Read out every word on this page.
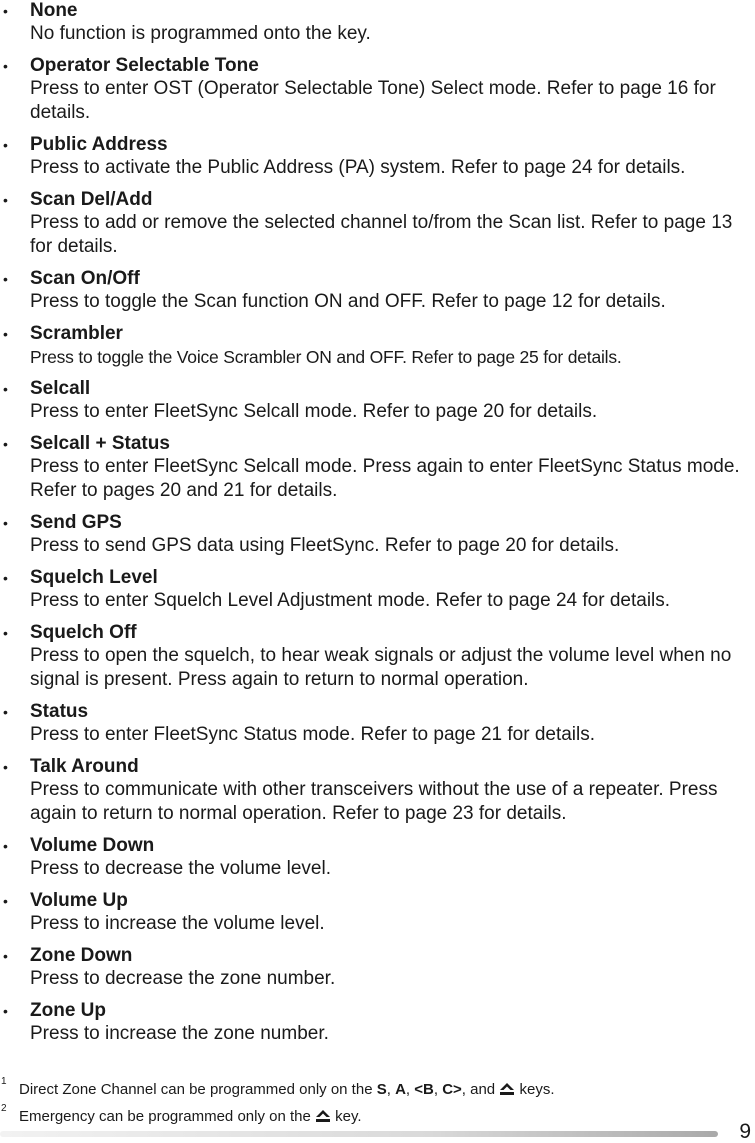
• None
No function is programmed onto the key.
• Operator Selectable Tone
Press to enter OST (Operator Selectable Tone) Select mode. Refer to page 16 for details.
• Public Address
Press to activate the Public Address (PA) system. Refer to page 24 for details.
• Scan Del/Add
Press to add or remove the selected channel to/from the Scan list. Refer to page 13 for details.
• Scan On/Off
Press to toggle the Scan function ON and OFF. Refer to page 12 for details.
• Scrambler
Press to toggle the Voice Scrambler ON and OFF. Refer to page 25 for details.
• Selcall
Press to enter FleetSync Selcall mode. Refer to page 20 for details.
• Selcall + Status
Press to enter FleetSync Selcall mode. Press again to enter FleetSync Status mode. Refer to pages 20 and 21 for details.
• Send GPS
Press to send GPS data using FleetSync. Refer to page 20 for details.
• Squelch Level
Press to enter Squelch Level Adjustment mode. Refer to page 24 for details.
• Squelch Off
Press to open the squelch, to hear weak signals or adjust the volume level when no signal is present. Press again to return to normal operation.
• Status
Press to enter FleetSync Status mode. Refer to page 21 for details.
• Talk Around
Press to communicate with other transceivers without the use of a repeater. Press again to return to normal operation. Refer to page 23 for details.
• Volume Down
Press to decrease the volume level.
• Volume Up
Press to increase the volume level.
• Zone Down
Press to decrease the zone number.
• Zone Up
Press to increase the zone number.
1 Direct Zone Channel can be programmed only on the S, A, <B, C>, and  keys.
2 Emergency can be programmed only on the  key.
9
